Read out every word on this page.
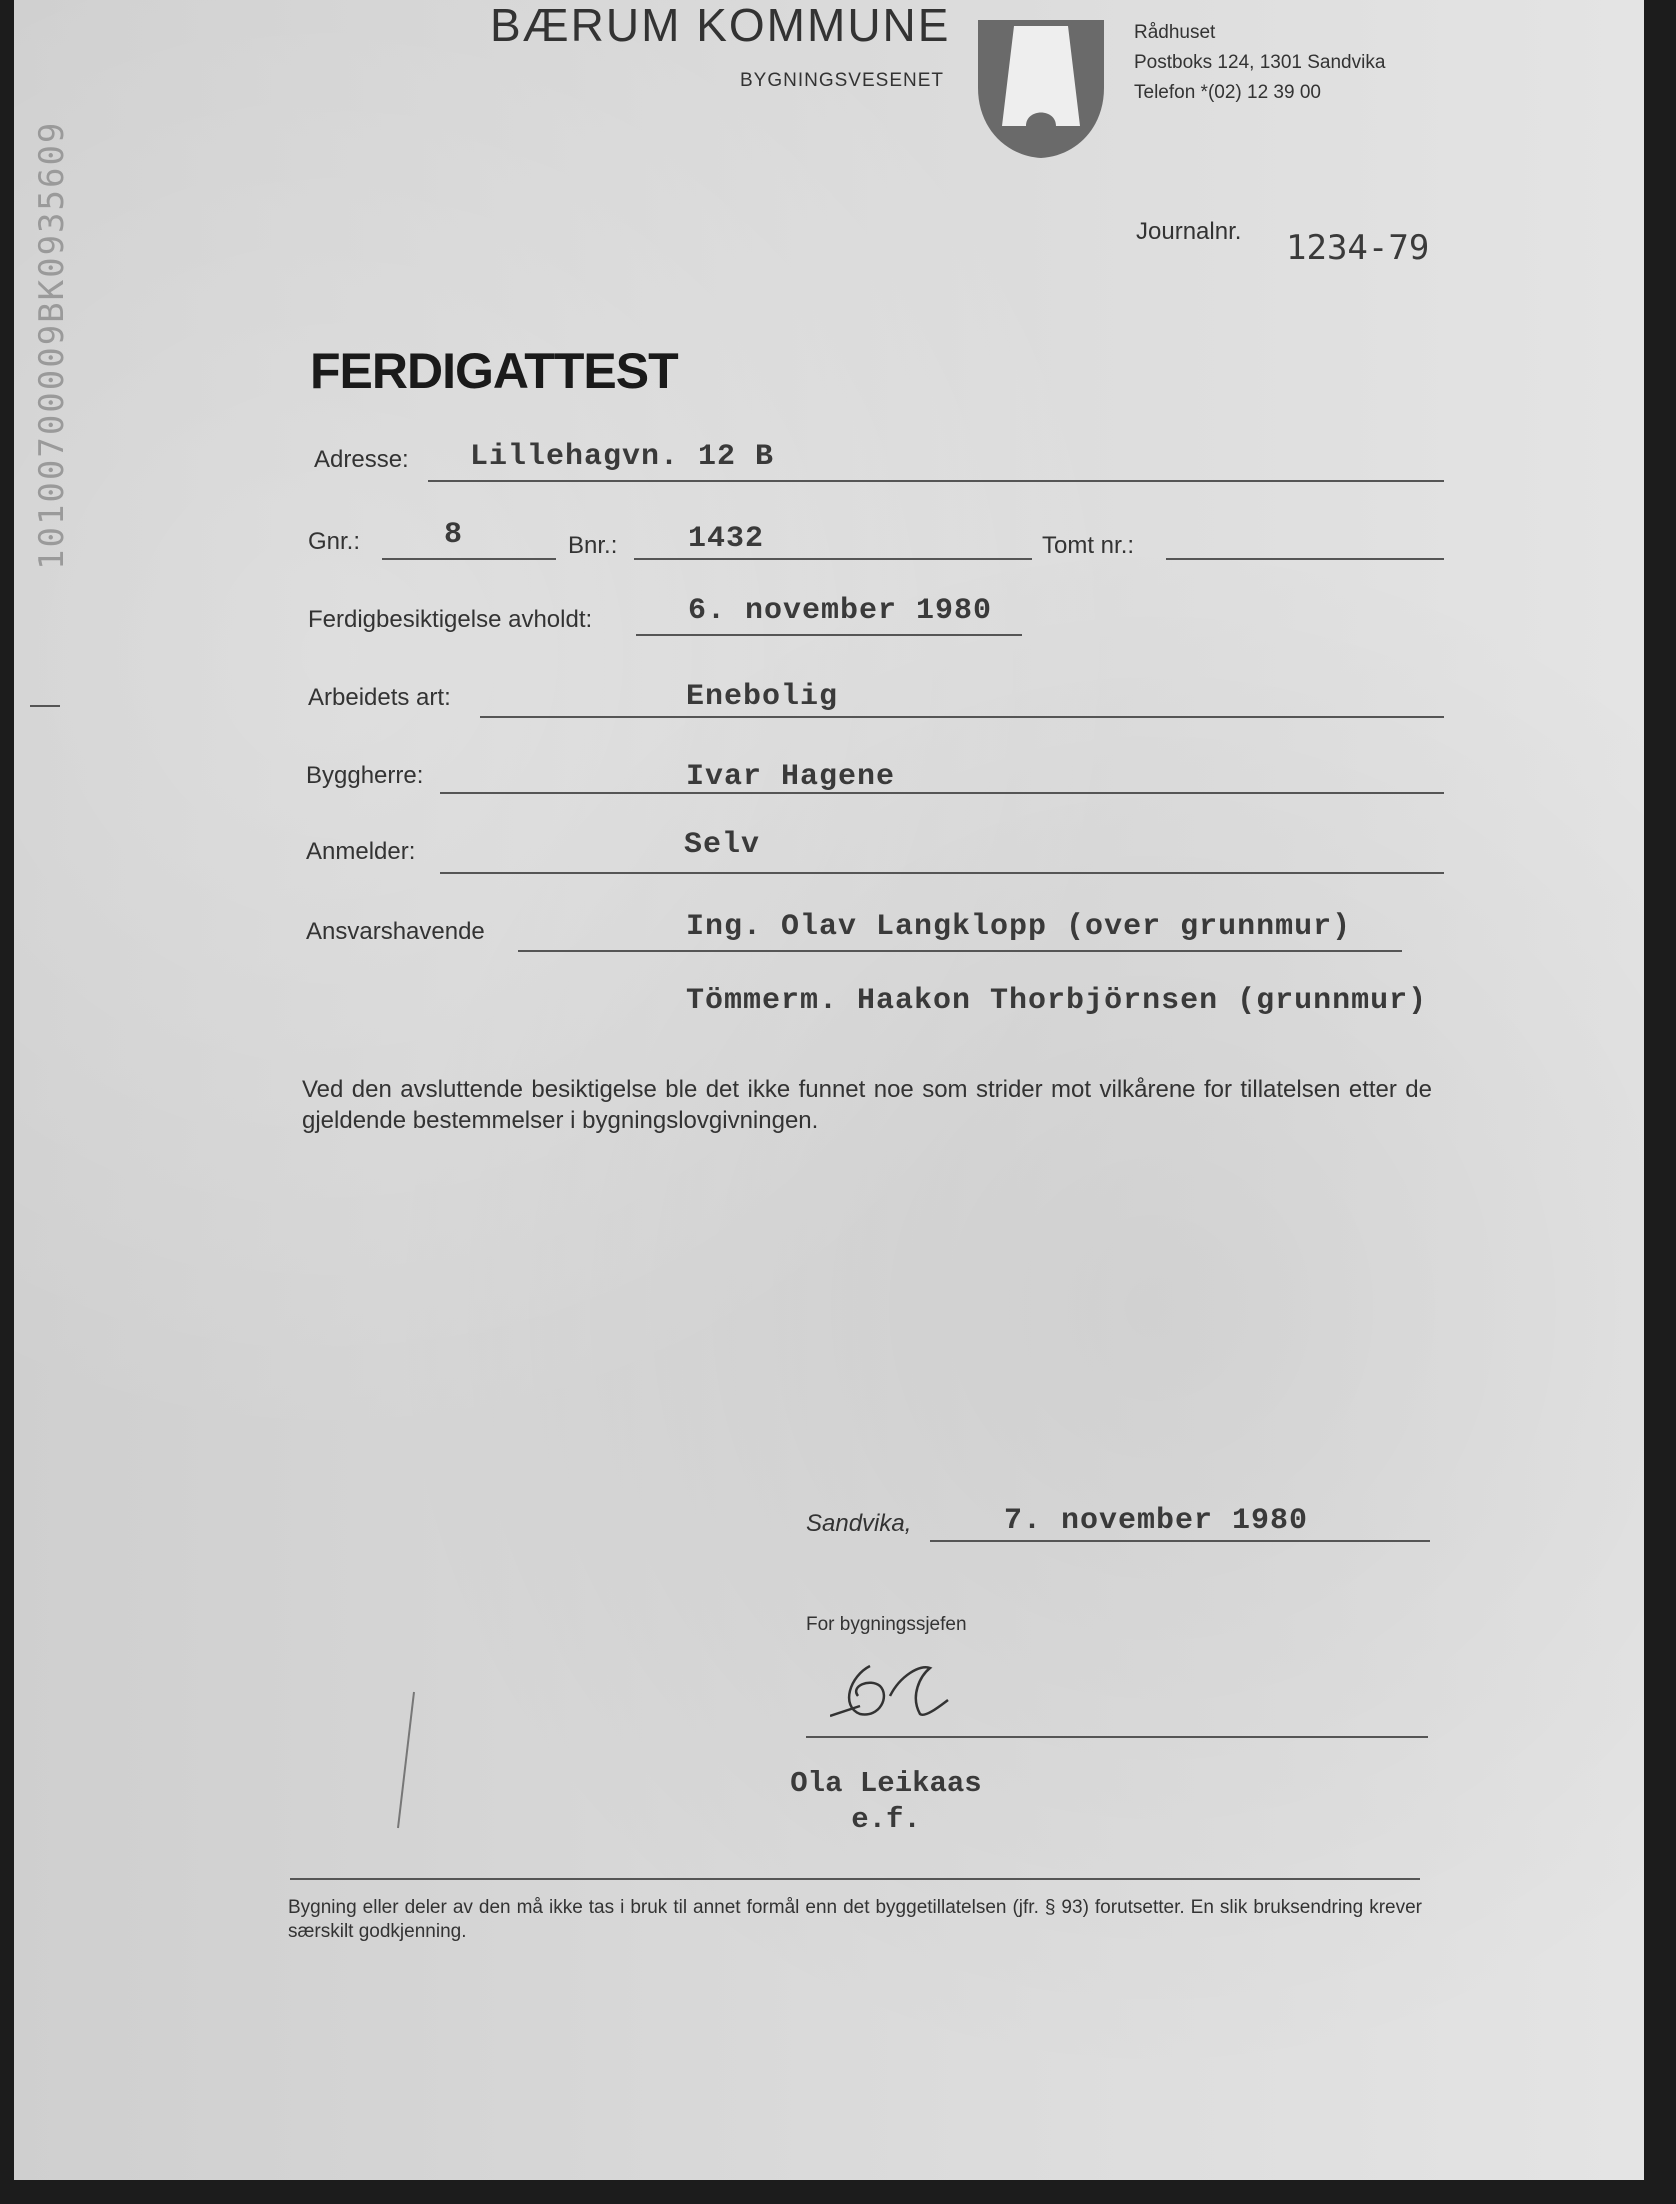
10100700009BK0935609
BÆRUM KOMMUNE
BYGNINGSVESENET
Rådhuset
Postboks 124, 1301 Sandvika
Telefon *(02) 12 39 00
Journalnr. 1234-79
FERDIGATTEST
Adresse: Lillehagvn. 12 B
Gnr.:	8	Bnr.: 1432	Tomt nr.:
Ferdigbesiktigelse avholdt:	6. november 1980
Arbeidets art:	Enebolig
Byggherre:	Ivar Hagene
Anmelder:	Selv
Ansvarshavende	Ing. Olav Langklopp (over grunnmur)
Tömmerm. Haakon Thorbjörnsen (grunnmur)
Ved den avsluttende besiktigelse ble det ikke funnet noe som strider mot vilkårene for tillatelsen etter de gjeldende bestemmelser i bygningslovgivningen.
Sandvika,	7. november 1980
For bygningssjefen
Ola Leikaas
e.f.
Bygning eller deler av den må ikke tas i bruk til annet formål enn det byggetillatelsen (jfr. § 93) forutsetter. En slik bruksendring krever særskilt godkjenning.
